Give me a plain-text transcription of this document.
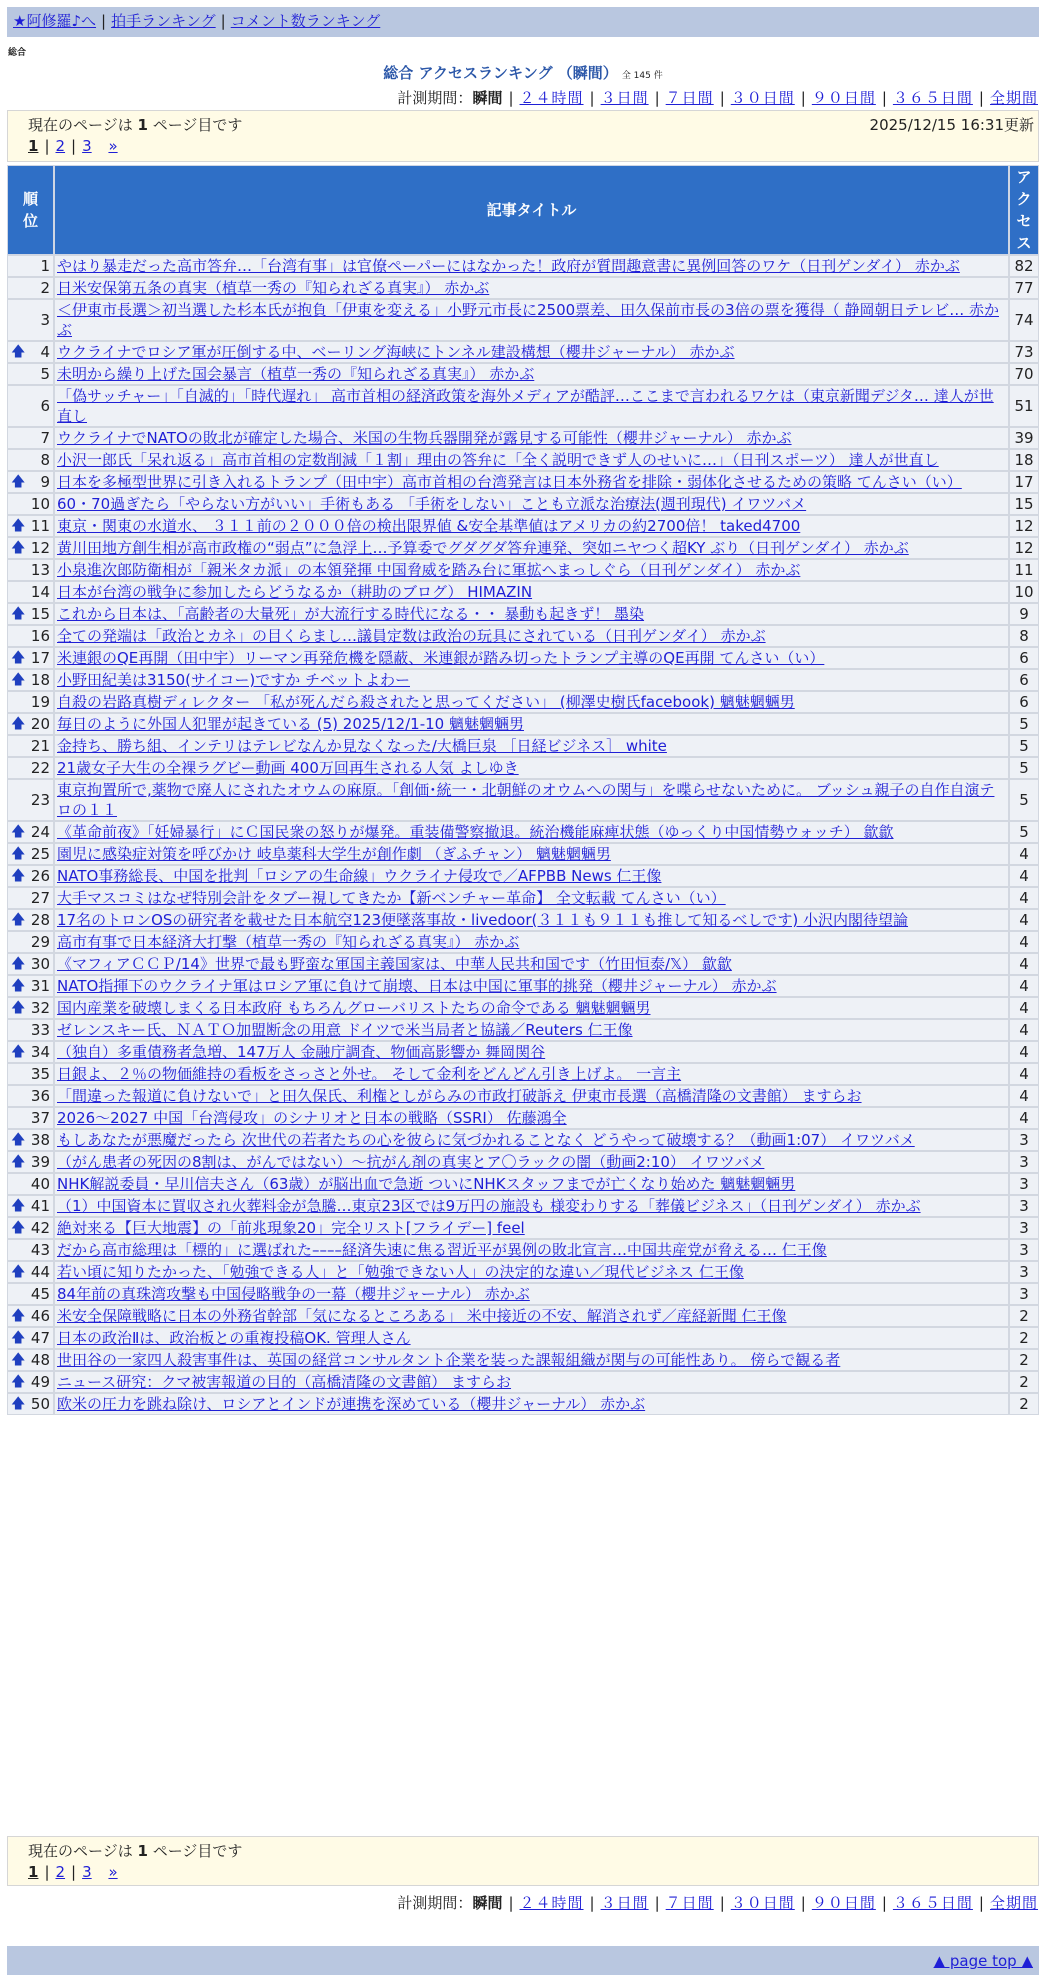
★阿修羅♪へ | 拍手ランキング | コメント数ランキング
総合
総合 アクセスランキング （瞬間） 全 145 件
計測期間：瞬間 | ２４時間 | ３日間 | ７日間 | ３０日間 | ９０日間 | ３６５日間 | 全期間
現在のページは 1 ページ目です	2025/12/15 16:31更新
1 | 2 | 3 »
順位	記事タイトル	アクセス
1	やはり暴走だった高市答弁…「台湾有事」は官僚ペーパーにはなかった！政府が質問趣意書に異例回答のワケ（日刊ゲンダイ） 赤かぶ	82
2	日米安保第五条の真実（植草一秀の『知られざる真実』） 赤かぶ	77
3	＜伊東市長選＞初当選した杉本氏が抱負「伊東を変える」小野元市長に2500票差、田久保前市長の3倍の票を獲得（ 静岡朝日テレビ… 赤かぶ	74

🡅 4	ウクライナでロシア軍が圧倒する中、ベーリング海峡にトンネル建設構想（櫻井ジャーナル） 赤かぶ	73
5	未明から繰り上げた国会暴言（植草一秀の『知られざる真実』） 赤かぶ	70
6	「偽サッチャー」「自滅的」「時代遅れ」 高市首相の経済政策を海外メディアが酷評…ここまで言われるワケは（東京新聞デジタ… 達人が世直し	51
7	ウクライナでNATOの敗北が確定した場合、米国の生物兵器開発が露見する可能性（櫻井ジャーナル） 赤かぶ	39
8	小沢一郎氏「呆れ返る」高市首相の定数削減「１割」理由の答弁に「全く説明できず人のせいに…」（日刊スポーツ） 達人が世直し	18

🡅 9	日本を多極型世界に引き入れるトランプ（田中宇）高市首相の台湾発言は日本外務省を排除・弱体化させるための策略 てんさい（い）	17
10	60・70過ぎたら「やらない方がいい」手術もある 「手術をしない」ことも立派な治療法(週刊現代) イワツバメ	15

🡅 11	東京・関東の水道水、 ３１１前の２０００倍の検出限界値 &安全基準値はアメリカの約2700倍！ taked4700	12

🡅 12	黄川田地方創生相が高市政権の“弱点”に急浮上…予算委でグダグダ答弁連発、突如ニヤつく超KY ぶり（日刊ゲンダイ） 赤かぶ	12
13	小泉進次郎防衛相が「親米タカ派」の本領発揮 中国脅威を踏み台に軍拡へまっしぐら（日刊ゲンダイ） 赤かぶ	11
14	日本が台湾の戦争に参加したらどうなるか（耕助のブログ） HIMAZIN	10

🡅 15	これから日本は、「高齢者の大量死」が大流行する時代になる・・ 暴動も起きず！ 墨染	9
16	全ての発端は「政治とカネ」の目くらまし…議員定数は政治の玩具にされている（日刊ゲンダイ） 赤かぶ	8

🡅 17	米連銀のQE再開（田中宇）リーマン再発危機を隠蔽、米連銀が踏み切ったトランプ主導のQE再開 てんさい（い）	6

🡅 18	小野田紀美は3150(サイコー)ですか チベットよわー	6
19	自殺の岩路真樹ディレクター 「私が死んだら殺されたと思ってください」 (柳澤史樹氏facebook) 魑魅魍魎男	6

🡅 20	毎日のように外国人犯罪が起きている (5) 2025/12/1-10 魑魅魍魎男	5
21	金持ち、勝ち組、インテリはテレビなんか見なくなった/大橋巨泉 ［日経ビジネス］ white	5
22	21歳女子大生の全裸ラグビー動画 400万回再生される人気 よしゆき	5
23	東京拘置所で,薬物で廃人にされたオウムの麻原。「創価･統一・北朝鮮のオウムへの関与」を喋らせないために。 ブッシュ親子の自作自演テロの１１	5

🡅 24	《革命前夜》「妊婦暴行」にＣ国民衆の怒りが爆発。重装備警察撤退。統治機能麻痺状態（ゆっくり中国情勢ウォッチ） 歙歙	5

🡅 25	園児に感染症対策を呼びかけ 岐阜薬科大学生が創作劇 （ぎふチャン） 魑魅魍魎男	4

🡅 26	NATO事務総長、中国を批判「ロシアの生命線」ウクライナ侵攻で／AFPBB News 仁王像	4
27	大手マスコミはなぜ特別会計をタブー視してきたか【新ベンチャー革命】 全文転載 てんさい（い）	4

🡅 28	17名のトロンOSの研究者を載せた日本航空123便墜落事故・livedoor(３１１も９１１も推して知るべしです) 小沢内閣待望論	4
29	高市有事で日本経済大打撃（植草一秀の『知られざる真実』） 赤かぶ	4

🡅 30	《マフィアＣＣＰ/14》世界で最も野蛮な軍国主義国家は、中華人民共和国です（竹田恒泰/𝕏） 歙歙	4

🡅 31	NATO指揮下のウクライナ軍はロシア軍に負けて崩壊、日本は中国に軍事的挑発（櫻井ジャーナル） 赤かぶ	4

🡅 32	国内産業を破壊しまくる日本政府 もちろんグローバリストたちの命令である 魑魅魍魎男	4
33	ゼレンスキー氏、ＮＡＴＯ加盟断念の用意 ドイツで米当局者と協議／Reuters 仁王像	4

🡅 34	（独自）多重債務者急増、147万人 金融庁調査、物価高影響か 舞岡関谷	4
35	日銀よ、２％の物価維持の看板をさっさと外せ。 そして金利をどんどん引き上げよ。 一言主	4
36	「間違った報道に負けないで」と田久保氏、利権としがらみの市政打破訴え 伊東市長選（高橋清隆の文書館） ますらお	4
37	2026～2027 中国「台湾侵攻」のシナリオと日本の戦略（SSRI） 佐藤鴻全	4

🡅 38	もしあなたが悪魔だったら 次世代の若者たちの心を彼らに気づかれることなく どうやって破壊する？（動画1:07） イワツバメ	3

🡅 39	（がん患者の死因の8割は、がんではない）～抗がん剤の真実とア〇ラックの闇（動画2:10） イワツバメ	3
40	NHK解説委員・早川信夫さん（63歳）が脳出血で急逝 ついにNHKスタッフまでが亡くなり始めた 魑魅魍魎男	3

🡅 41	（1）中国資本に買収され火葬料金が急騰…東京23区では9万円の施設も 様変わりする「葬儀ビジネス」（日刊ゲンダイ） 赤かぶ	3

🡅 42	絶対来る【巨大地震】の「前兆現象20」完全リスト[フライデー] feel	3
43	だから高市総理は「標的」に選ばれた––––経済失速に焦る習近平が異例の敗北宣言…中国共産党が脅える… 仁王像	3

🡅 44	若い頃に知りたかった、「勉強できる人」と「勉強できない人」の決定的な違い／現代ビジネス 仁王像	3
45	84年前の真珠湾攻撃も中国侵略戦争の一幕（櫻井ジャーナル） 赤かぶ	3

🡅 46	米安全保障戦略に日本の外務省幹部「気になるところある」 米中接近の不安、解消されず／産経新聞 仁王像	2

🡅 47	日本の政治Ⅱは、政治板との重複投稿OK. 管理人さん	2

🡅 48	世田谷の一家四人殺害事件は、英国の経営コンサルタント企業を装った課報組織が関与の可能性あり。 傍らで観る者	2

🡅 49	ニュース研究：クマ被害報道の目的（高橋清隆の文書館） ますらお	2

🡅 50	欧米の圧力を跳ね除け、ロシアとインドが連携を深めている（櫻井ジャーナル） 赤かぶ	2
現在のページは 1 ページ目です
1 | 2 | 3 »
計測期間：瞬間 | ２４時間 | ３日間 | ７日間 | ３０日間 | ９０日間 | ３６５日間 | 全期間
▲ page top ▲
